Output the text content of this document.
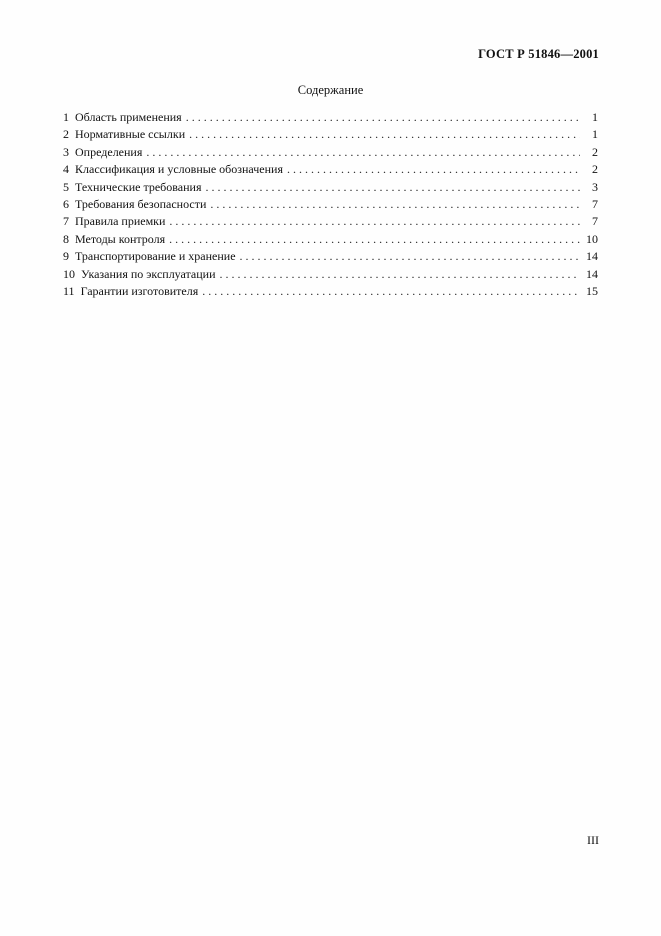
ГОСТ Р 51846—2001
Содержание
1 Область применения . . .	1
2 Нормативные ссылки . . .	1
3 Определения . . .	2
4 Классификация и условные обозначения . . .	2
5 Технические требования . . .	3
6 Требования безопасности . . .	7
7 Правила приемки . . .	7
8 Методы контроля . . .	10
9 Транспортирование и хранение . . .	14
10 Указания по эксплуатации . . .	14
11 Гарантии изготовителя . . .	15
III
